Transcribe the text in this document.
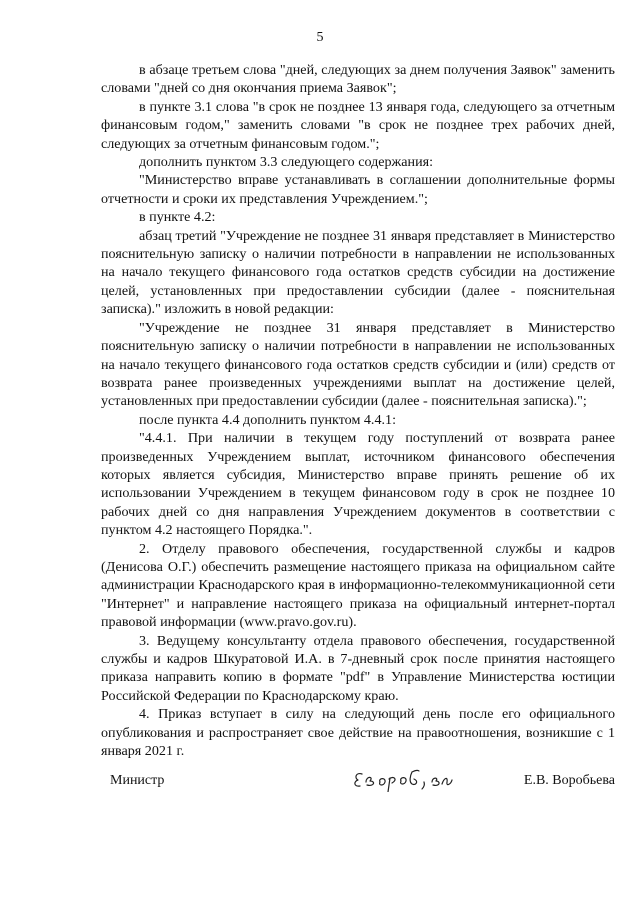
5

в абзаце третьем слова "дней, следующих за днем получения Заявок" заменить словами "дней со дня окончания приема Заявок";

в пункте 3.1 слова "в срок не позднее 13 января года, следующего за отчетным финансовым годом," заменить словами "в срок не позднее трех рабочих дней, следующих за отчетным финансовым годом.";

дополнить пунктом 3.3 следующего содержания:

"Министерство вправе устанавливать в соглашении дополнительные формы отчетности и сроки их представления Учреждением.";

в пункте 4.2:

абзац третий "Учреждение не позднее 31 января представляет в Министерство пояснительную записку о наличии потребности в направлении не использованных на начало текущего финансового года остатков средств субсидии на достижение целей, установленных при предоставлении субсидии (далее - пояснительная записка)." изложить в новой редакции:

"Учреждение не позднее 31 января представляет в Министерство пояснительную записку о наличии потребности в направлении не использованных на начало текущего финансового года остатков средств субсидии и (или) средств от возврата ранее произведенных учреждениями выплат на достижение целей, установленных при предоставлении субсидии (далее - пояснительная записка).";

после пункта 4.4 дополнить пунктом 4.4.1:

"4.4.1. При наличии в текущем году поступлений от возврата ранее произведенных Учреждением выплат, источником финансового обеспечения которых является субсидия, Министерство вправе принять решение об их использовании Учреждением в текущем финансовом году в срок не позднее 10 рабочих дней со дня направления Учреждением документов в соответствии с пунктом 4.2 настоящего Порядка.".

2. Отделу правового обеспечения, государственной службы и кадров (Денисова О.Г.) обеспечить размещение настоящего приказа на официальном сайте администрации Краснодарского края в информационно-телекоммуникационной сети "Интернет" и направление настоящего приказа на официальный интернет-портал правовой информации (www.pravo.gov.ru).

3. Ведущему консультанту отдела правового обеспечения, государственной службы и кадров Шкуратовой И.А. в 7-дневный срок после принятия настоящего приказа направить копию в формате "pdf" в Управление Министерства юстиции Российской Федерации по Краснодарскому краю.

4. Приказ вступает в силу на следующий день после его официального опубликования и распространяет свое действие на правоотношения, возникшие с 1 января 2021 г.

Министр	Е.В. Воробьева
